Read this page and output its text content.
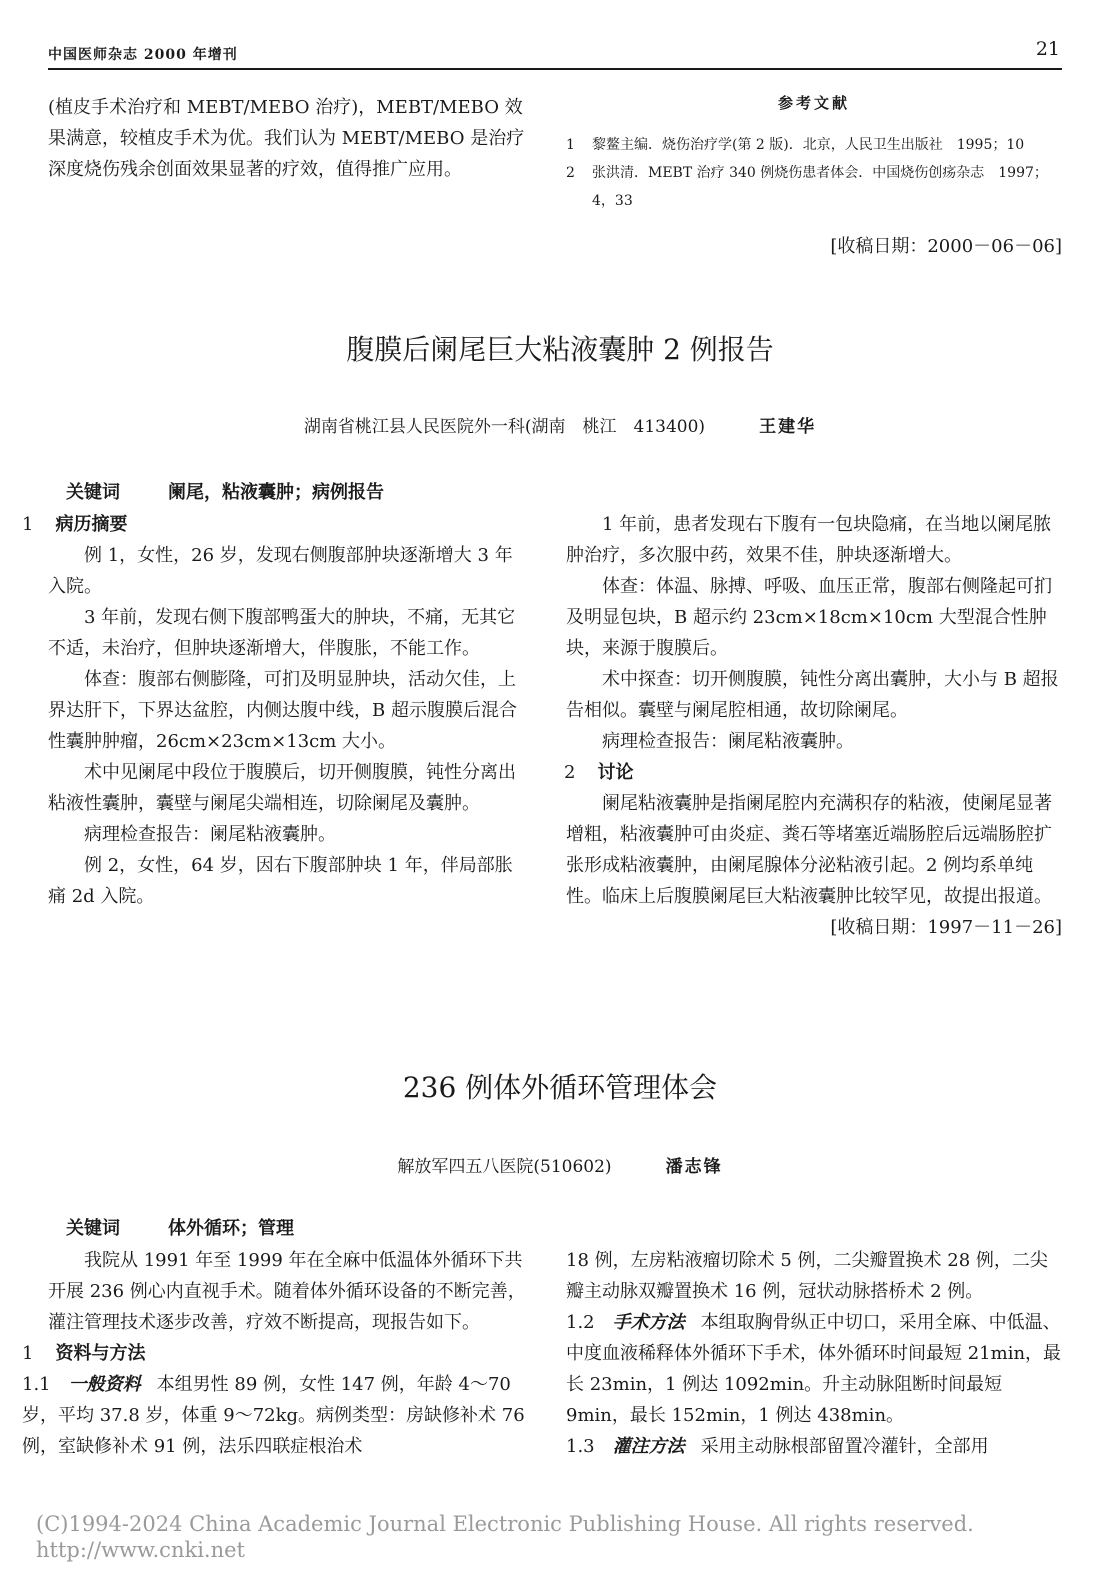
中国医师杂志 2000 年增刊	21

(植皮手术治疗和 MEBT/MEBO 治疗)，MEBT/MEBO 效果满意，较植皮手术为优。我们认为 MEBT/MEBO 是治疗深度烧伤残余创面效果显著的疗效，值得推广应用。

参考文献
1	黎鳌主编．烧伤治疗学(第 2 版)．北京，人民卫生出版社　1995；10
2	张洪清．MEBT 治疗 340 例烧伤患者体会．中国烧伤创疡杂志　1997；4，33
[收稿日期：2000－06－06]
腹膜后阑尾巨大粘液囊肿 2 例报告
湖南省桃江县人民医院外一科(湖南　桃江　413400)	王建华
关键词	阑尾，粘液囊肿；病例报告

1 病历摘要

例 1，女性，26 岁，发现右侧腹部肿块逐渐增大 3 年入院。

3 年前，发现右侧下腹部鸭蛋大的肿块，不痛，无其它不适，未治疗，但肿块逐渐增大，伴腹胀，不能工作。

体查：腹部右侧膨隆，可扪及明显肿块，活动欠佳，上界达肝下，下界达盆腔，内侧达腹中线，B 超示腹膜后混合性囊肿肿瘤，26cm×23cm×13cm 大小。

术中见阑尾中段位于腹膜后，切开侧腹膜，钝性分离出粘液性囊肿，囊壁与阑尾尖端相连，切除阑尾及囊肿。

病理检查报告：阑尾粘液囊肿。

例 2，女性，64 岁，因右下腹部肿块 1 年，伴局部胀痛 2d 入院。

1 年前，患者发现右下腹有一包块隐痛，在当地以阑尾脓肿治疗，多次服中药，效果不佳，肿块逐渐增大。

体查：体温、脉搏、呼吸、血压正常，腹部右侧隆起可扪及明显包块，B 超示约 23cm×18cm×10cm 大型混合性肿块，来源于腹膜后。

术中探查：切开侧腹膜，钝性分离出囊肿，大小与 B 超报告相似。囊壁与阑尾腔相通，故切除阑尾。

病理检查报告：阑尾粘液囊肿。

2 讨论

阑尾粘液囊肿是指阑尾腔内充满积存的粘液，使阑尾显著增粗，粘液囊肿可由炎症、粪石等堵塞近端肠腔后远端肠腔扩张形成粘液囊肿，由阑尾腺体分泌粘液引起。2 例均系单纯性。临床上后腹膜阑尾巨大粘液囊肿比较罕见，故提出报道。

[收稿日期：1997－11－26]

236 例体外循环管理体会
解放军四五八医院(510602)	潘志锋
关键词	体外循环；管理

我院从 1991 年至 1999 年在全麻中低温体外循环下共开展 236 例心内直视手术。随着体外循环设备的不断完善，灌注管理技术逐步改善，疗效不断提高，现报告如下。

1 资料与方法

1.1　 一般资料 本组男性 89 例，女性 147 例，年龄 4～70 岁，平均 37.8 岁，体重 9～72kg。病例类型：房缺修补术 76 例，室缺修补术 91 例，法乐四联症根治术

18 例，左房粘液瘤切除术 5 例，二尖瓣置换术 28 例，二尖瓣主动脉双瓣置换术 16 例，冠状动脉搭桥术 2 例。

1.2　 手术方法 本组取胸骨纵正中切口，采用全麻、中低温、中度血液稀释体外循环下手术，体外循环时间最短 21min，最长 23min，1 例达 1092min。升主动脉阻断时间最短 9min，最长 152min，1 例达 438min。

1.3　 灌注方法 采用主动脉根部留置冷灌针，全部用

(C)1994-2024 China Academic Journal Electronic Publishing House. All rights reserved.　　http://www.cnki.net
